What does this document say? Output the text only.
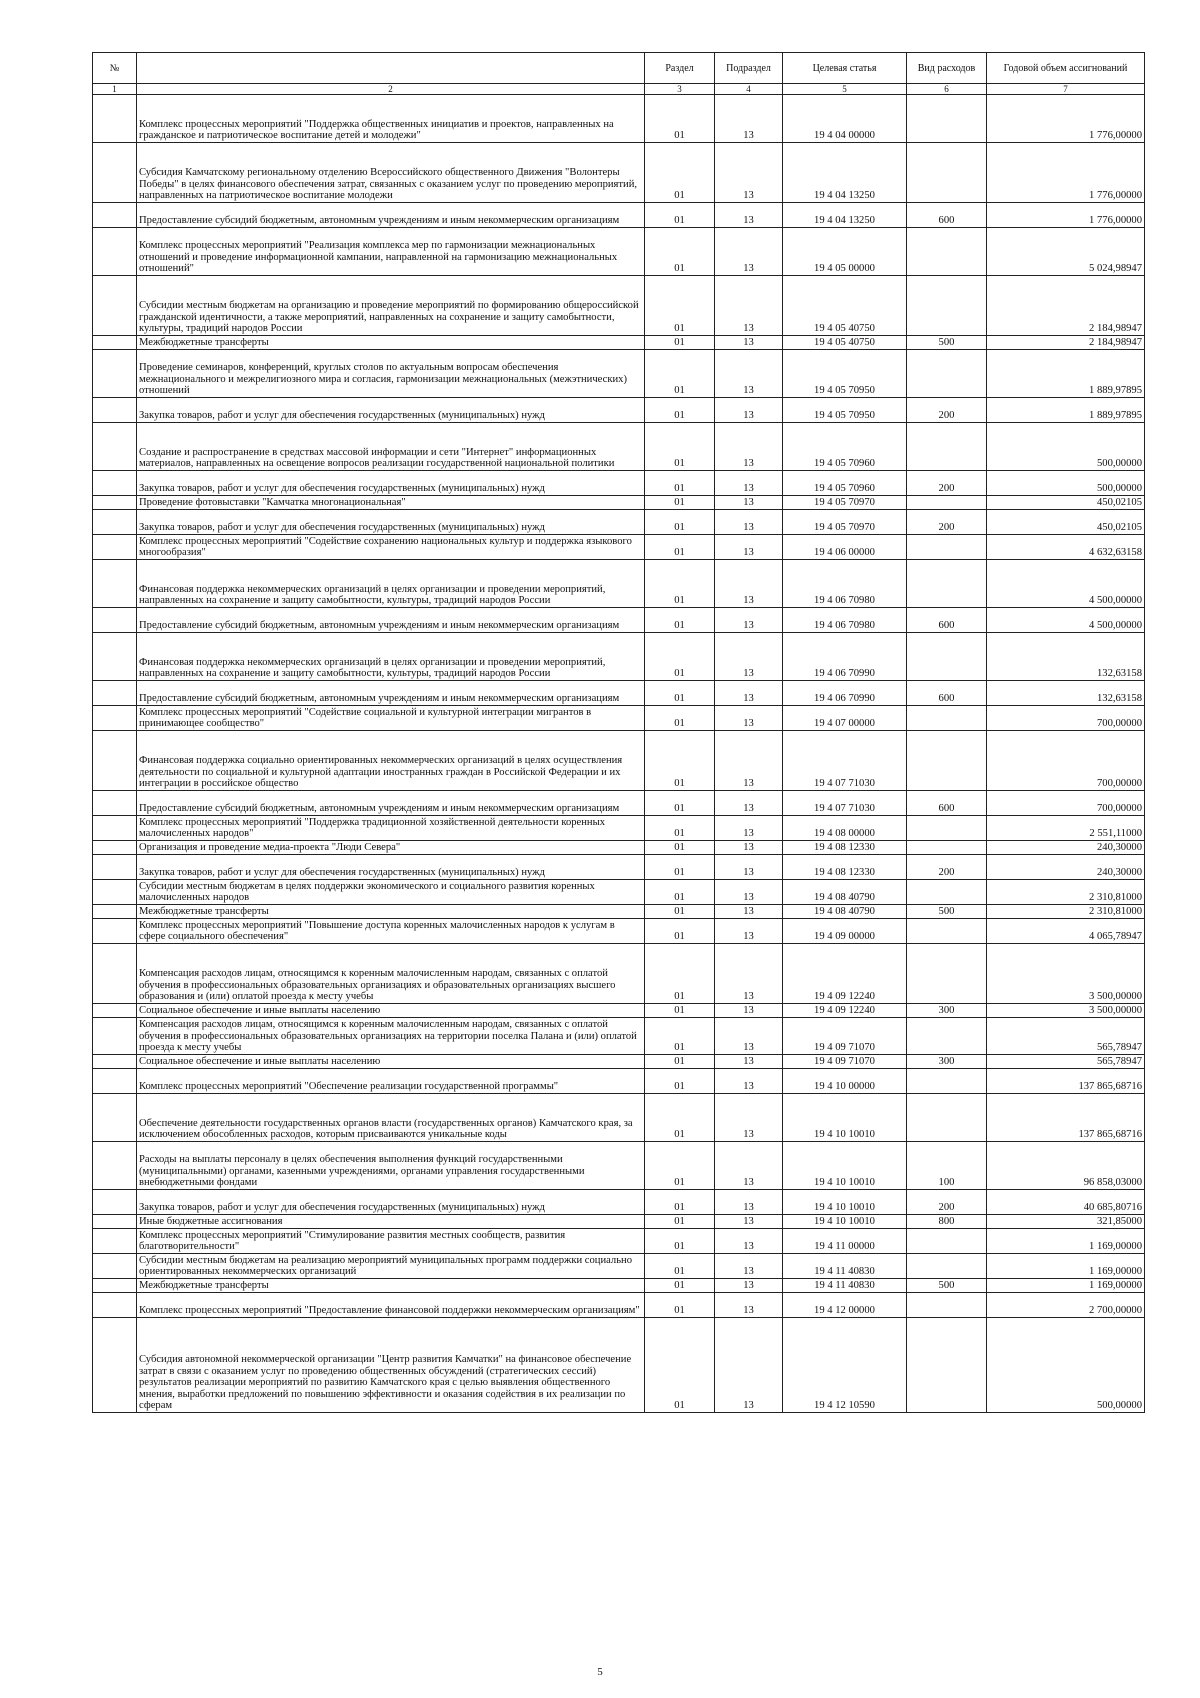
№		Раздел	Подраздел	Целевая статья	Вид расходов	Годовой объем ассигнований
1	2	3	4	5	6	7
	Комплекс процессных мероприятий "Поддержка общественных инициатив и проектов, направленных на гражданское и патриотическое воспитание детей и молодежи"	01	13	19 4 04 00000		1 776,00000
	Субсидия Камчатскому региональному отделению Всероссийского общественного Движения "Волонтеры Победы" в целях финансового обеспечения затрат, связанных с оказанием услуг по проведению мероприятий, направленных на патриотическое воспитание молодежи	01	13	19 4 04 13250		1 776,00000
	Предоставление субсидий бюджетным, автономным учреждениям и иным некоммерческим организациям	01	13	19 4 04 13250	600	1 776,00000
	Комплекс процессных мероприятий "Реализация комплекса мер по гармонизации межнациональных отношений и проведение информационной кампании, направленной на гармонизацию межнациональных отношений"	01	13	19 4 05 00000		5 024,98947
	Субсидии местным бюджетам на организацию и проведение мероприятий по формированию общероссийской гражданской идентичности, а также мероприятий, направленных на сохранение и защиту самобытности, культуры, традиций народов России	01	13	19 4 05 40750		2 184,98947
	Межбюджетные трансферты	01	13	19 4 05 40750	500	2 184,98947
	Проведение семинаров, конференций, круглых столов по актуальным вопросам обеспечения межнационального и межрелигиозного мира и согласия, гармонизации межнациональных (межэтнических) отношений	01	13	19 4 05 70950		1 889,97895
	Закупка товаров, работ и услуг для обеспечения государственных (муниципальных) нужд	01	13	19 4 05 70950	200	1 889,97895
	Создание и распространение в средствах массовой информации и сети "Интернет" информационных материалов, направленных на освещение вопросов реализации государственной национальной политики	01	13	19 4 05 70960		500,00000
	Закупка товаров, работ и услуг для обеспечения государственных (муниципальных) нужд	01	13	19 4 05 70960	200	500,00000
	Проведение фотовыставки "Камчатка многонациональная"	01	13	19 4 05 70970		450,02105
	Закупка товаров, работ и услуг для обеспечения государственных (муниципальных) нужд	01	13	19 4 05 70970	200	450,02105
	Комплекс процессных мероприятий "Содействие сохранению национальных культур и поддержка языкового многообразия"	01	13	19 4 06 00000		4 632,63158
	Финансовая поддержка некоммерческих организаций в целях организации и проведении мероприятий, направленных на сохранение и защиту самобытности, культуры, традиций народов России	01	13	19 4 06 70980		4 500,00000
	Предоставление субсидий бюджетным, автономным учреждениям и иным некоммерческим организациям	01	13	19 4 06 70980	600	4 500,00000
	Финансовая поддержка некоммерческих организаций в целях организации и проведении мероприятий, направленных на сохранение и защиту самобытности, культуры, традиций народов России	01	13	19 4 06 70990		132,63158
	Предоставление субсидий бюджетным, автономным учреждениям и иным некоммерческим организациям	01	13	19 4 06 70990	600	132,63158
	Комплекс процессных мероприятий "Содействие социальной и культурной интеграции мигрантов в принимающее сообщество"	01	13	19 4 07 00000		700,00000
	Финансовая поддержка социально ориентированных некоммерческих организаций в целях осуществления деятельности по социальной и культурной адаптации иностранных граждан в Российской Федерации и их интеграции в российское общество	01	13	19 4 07 71030		700,00000
	Предоставление субсидий бюджетным, автономным учреждениям и иным некоммерческим организациям	01	13	19 4 07 71030	600	700,00000
	Комплекс процессных мероприятий "Поддержка традиционной хозяйственной деятельности коренных малочисленных народов"	01	13	19 4 08 00000		2 551,11000
	Организация и проведение медиа-проекта "Люди Севера"	01	13	19 4 08 12330		240,30000
	Закупка товаров, работ и услуг для обеспечения государственных (муниципальных) нужд	01	13	19 4 08 12330	200	240,30000
	Субсидии местным бюджетам в целях поддержки экономического и социального развития коренных малочисленных народов	01	13	19 4 08 40790		2 310,81000
	Межбюджетные трансферты	01	13	19 4 08 40790	500	2 310,81000
	Комплекс процессных мероприятий "Повышение доступа коренных малочисленных народов к услугам в сфере социального обеспечения"	01	13	19 4 09 00000		4 065,78947
	Компенсация расходов лицам, относящимся к коренным малочисленным народам, связанных с оплатой обучения в профессиональных образовательных организациях и образовательных организациях высшего образования и (или) оплатой проезда к месту учебы	01	13	19 4 09 12240		3 500,00000
	Социальное обеспечение и иные выплаты населению	01	13	19 4 09 12240	300	3 500,00000
	Компенсация расходов лицам, относящимся к коренным малочисленным народам, связанных с оплатой обучения в профессиональных образовательных организациях на территории поселка Палана и (или) оплатой проезда к месту учебы	01	13	19 4 09 71070		565,78947
	Социальное обеспечение и иные выплаты населению	01	13	19 4 09 71070	300	565,78947
	Комплекс процессных мероприятий "Обеспечение реализации государственной программы"	01	13	19 4 10 00000		137 865,68716
	Обеспечение деятельности государственных органов власти (государственных органов) Камчатского края, за исключением обособленных расходов, которым присваиваются уникальные коды	01	13	19 4 10 10010		137 865,68716
	Расходы на выплаты персоналу в целях обеспечения выполнения функций государственными (муниципальными) органами, казенными учреждениями, органами управления государственными внебюджетными фондами	01	13	19 4 10 10010	100	96 858,03000
	Закупка товаров, работ и услуг для обеспечения государственных (муниципальных) нужд	01	13	19 4 10 10010	200	40 685,80716
	Иные бюджетные ассигнования	01	13	19 4 10 10010	800	321,85000
	Комплекс процессных мероприятий "Стимулирование развития местных сообществ, развития благотворительности"	01	13	19 4 11 00000		1 169,00000
	Субсидии местным бюджетам на реализацию мероприятий муниципальных программ поддержки социально ориентированных некоммерческих организаций	01	13	19 4 11 40830		1 169,00000
	Межбюджетные трансферты	01	13	19 4 11 40830	500	1 169,00000
	Комплекс процессных мероприятий "Предоставление финансовой поддержки некоммерческим организациям"	01	13	19 4 12 00000		2 700,00000
	Субсидия автономной некоммерческой организации "Центр развития Камчатки" на финансовое обеспечение затрат в связи с оказанием услуг по проведению общественных обсуждений (стратегических сессий) результатов реализации мероприятий по развитию Камчатского края с целью выявления общественного мнения, выработки предложений по повышению эффективности и оказания содействия в их реализации по сферам	01	13	19 4 12 10590		500,00000
5
